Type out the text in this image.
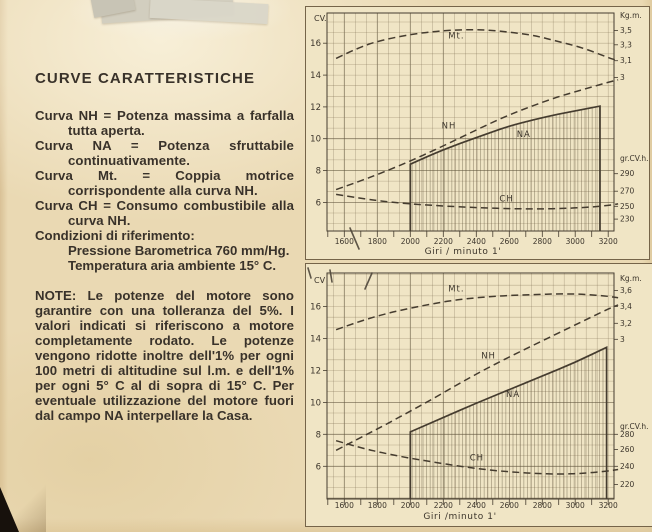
CURVE CARATTERISTICHE

Curva NH = Potenza massima a farfalla tutta aperta.

Curva NA = Potenza sfruttabile continuativamente.

Curva Mt. = Coppia motrice corrispondente alla curva NH.

Curva CH = Consumo combustibile alla curva NH.

Condizioni di riferimento:

Pressione Barometrica 760 mm/Hg.

Temperatura aria ambiente 15° C.

NOTE: Le potenze del motore sono garantire con una tolleranza del 5%. I valori indicati si riferiscono a motore completamente rodato. Le potenze vengono ridotte inoltre dell'1% per ogni 100 metri di altitudine sul l.m. e dell'1% per ogni 5° C al di sopra di 15° C. Per eventuale utilizzazione del motore fuori dal campo NA interpellare la Casa.

1600 1800 2000 2200 2400 2600 2800 3000 3200
Giri / minuto 1'
16
14
12
10
8
6
CV.	Kg.m.
3,5
3,3
3,1
3
gr.CV.h.
290
270
250
230
Mt.
NH
NA
CH
1600 1800 2000 2200 2400 2600 2800 3000 3200
Giri /minuto 1'
16
14
12
10
8
6
CV	Kg.m.
3,6
3,4
3,2
3
gr.CV.h.
280
260
240
220
Mt.
NH
NA
CH
